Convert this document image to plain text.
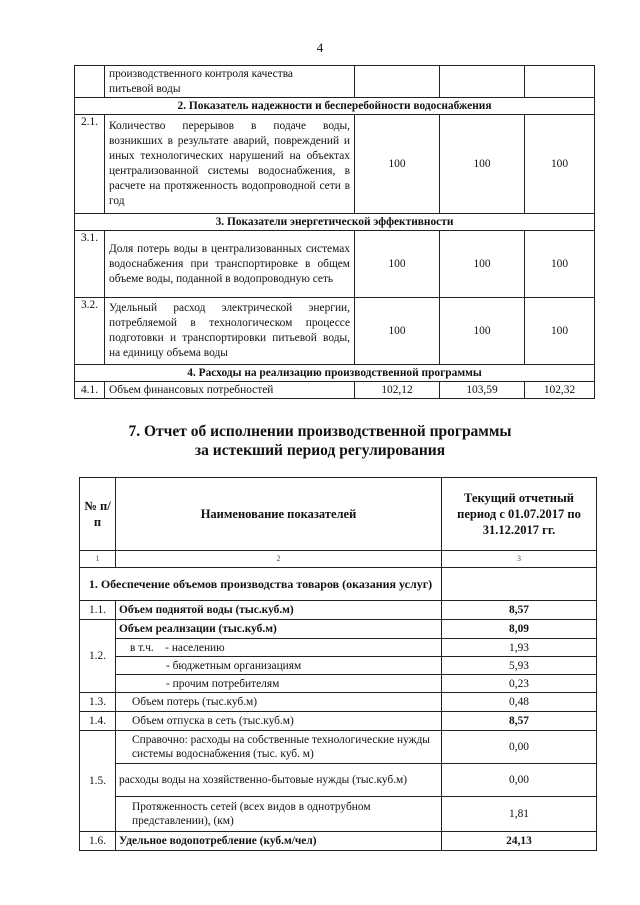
4
	производственного контроля качества
питьевой воды			
2. Показатель надежности и бесперебойности водоснабжения				
2.1.	Количество перерывов в подаче воды, возникших в результате аварий, повреждений и иных технологических нарушений на объектах централизованной системы водоснабжения, в расчете на протяженность водопроводной сети в год	100	100	100
3. Показатели энергетической эффективности				
3.1.	Доля потерь воды в централизованных системах водоснабжения при транспортировке в общем объеме воды, поданной в водопроводную сеть	100	100	100
3.2.	Удельный расход электрической энергии, потребляемой в технологическом процессе подготовки и транспортировки питьевой воды, на единицу объема воды	100	100	100
4. Расходы на реализацию производственной программы				
4.1.	Объем финансовых потребностей	102,12	103,59	102,32
7. Отчет об исполнении производственной программы
за истекший период регулирования
№ п/п	Наименование показателей	Текущий отчетный период с 01.07.2017 по 31.12.2017 гг.
1	2	3
1. Обеспечение объемов производства товаров (оказания услуг)		
1.1.	Объем поднятой воды (тыс.куб.м)	8,57
1.2.	Объем реализации (тыс.куб.м)	8,09
	в т.ч. - населению	1,93
	- бюджетным организациям	5,93
	- прочим потребителям	0,23
1.3.	Объем потерь (тыс.куб.м)	0,48
1.4.	Объем отпуска в сеть (тыс.куб.м)	8,57
1.5.	Справочно: расходы на собственные технологические нужды системы водоснабжения (тыс. куб. м)	0,00
	расходы воды на хозяйственно-бытовые нужды (тыс.куб.м)	0,00
	Протяженность сетей (всех видов в однотрубном представлении), (км)	1,81
1.6.	Удельное водопотребление (куб.м/чел)	24,13
